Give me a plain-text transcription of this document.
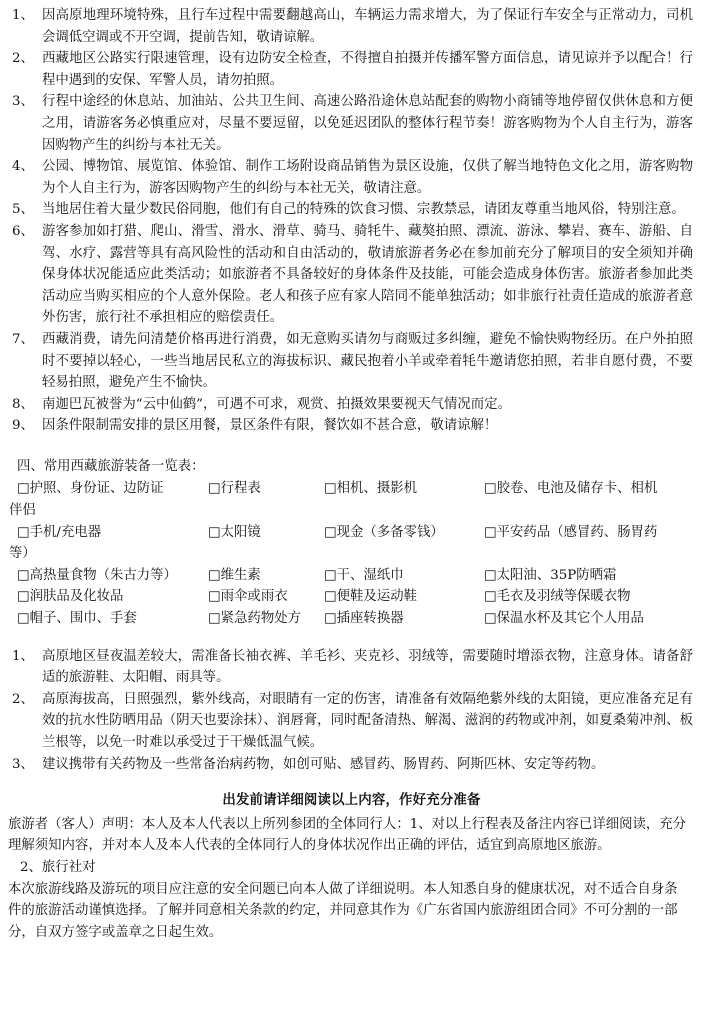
1、 因高原地理环境特殊，且行车过程中需要翻越高山，车辆运力需求增大，为了保证行车安全与正常动力，司机会调低空调或不开空调，提前告知，敬请谅解。
2、 西藏地区公路实行限速管理，设有边防安全检查，不得擅自拍摄并传播军警方面信息，请见谅并予以配合！行程中遇到的安保、军警人员，请勿拍照。
3、 行程中途经的休息站、加油站、公共卫生间、高速公路沿途休息站配套的购物小商铺等地停留仅供休息和方便之用，请游客务必慎重应对，尽量不要逗留，以免延迟团队的整体行程节奏！游客购物为个人自主行为，游客因购物产生的纠纷与本社无关。
4、 公园、博物馆、展览馆、体验馆、制作工场附设商品销售为景区设施，仅供了解当地特色文化之用，游客购物为个人自主行为，游客因购物产生的纠纷与本社无关，敬请注意。
5、 当地居住着大量少数民俗同胞，他们有自己的特殊的饮食习惯、宗教禁忌，请团友尊重当地风俗，特别注意。
6、 游客参加如打猎、爬山、滑雪、滑水、滑草、骑马、骑牦牛、藏獒拍照、漂流、游泳、攀岩、赛车、游船、自驾、水疗、露营等具有高风险性的活动和自由活动的，敬请旅游者务必在参加前充分了解项目的安全须知并确保身体状况能适应此类活动；如旅游者不具备较好的身体条件及技能，可能会造成身体伤害。旅游者参加此类活动应当购买相应的个人意外保险。老人和孩子应有家人陪同不能单独活动；如非旅行社责任造成的旅游者意外伤害，旅行社不承担相应的赔偿责任。
7、 西藏消费，请先问清楚价格再进行消费，如无意购买请勿与商贩过多纠缠，避免不愉快购物经历。在户外拍照时不要掉以轻心，一些当地居民私立的海拔标识、藏民抱着小羊或牵着牦牛邀请您拍照，若非自愿付费，不要轻易拍照，避免产生不愉快。
8、 南迦巴瓦被誉为“云中仙鹤”，可遇不可求，观赏、拍摄效果要视天气情况而定。
9、 因条件限制需安排的景区用餐，景区条件有限，餐饮如不甚合意，敬请谅解！
四、常用西藏旅游装备一览表：
□护照、身份证、边防证	□行程表	□相机、摄影机	□胶卷、电池及储存卡、相机
伴侣
□手机/充电器	□太阳镜	□现金（多备零钱）	□平安药品（感冒药、肠胃药
等）
□高热量食物（朱古力等）	□维生素	□干、湿纸巾	□太阳油、35P防晒霜
□润肤品及化妆品	□雨伞或雨衣	□便鞋及运动鞋	□毛衣及羽绒等保暖衣物
□帽子、围巾、手套	□紧急药物处方	□插座转换器	□保温水杯及其它个人用品
1、 高原地区昼夜温差较大，需准备长袖衣裤、羊毛衫、夹克衫、羽绒等，需要随时增添衣物，注意身体。请备舒适的旅游鞋、太阳帽、雨具等。
2、 高原海拔高，日照强烈，紫外线高，对眼睛有一定的伤害，请准备有效隔绝紫外线的太阳镜，更应准备充足有效的抗水性防晒用品（阴天也要涂抹）、润唇膏，同时配备清热、解渴、滋润的药物或冲剂，如夏桑菊冲剂、板兰根等，以免一时难以承受过于干燥低温气候。
3、 建议携带有关药物及一些常备治病药物，如创可贴、感冒药、肠胃药、阿斯匹林、安定等药物。
出发前请详细阅读以上内容，作好充分准备
旅游者（客人）声明：本人及本人代表以上所列参团的全体同行人：1、对以上行程表及备注内容已详细阅读，充分
理解须知内容，并对本人及本人代表的全体同行人的身体状况作出正确的评估，适宜到高原地区旅游。
2、旅行社对
本次旅游线路及游玩的项目应注意的安全问题已向本人做了详细说明。本人知悉自身的健康状况，对不适合自身条
件的旅游活动谨慎选择。了解并同意相关条款的约定，并同意其作为《广东省国内旅游组团合同》不可分割的一部
分，自双方签字或盖章之日起生效。
